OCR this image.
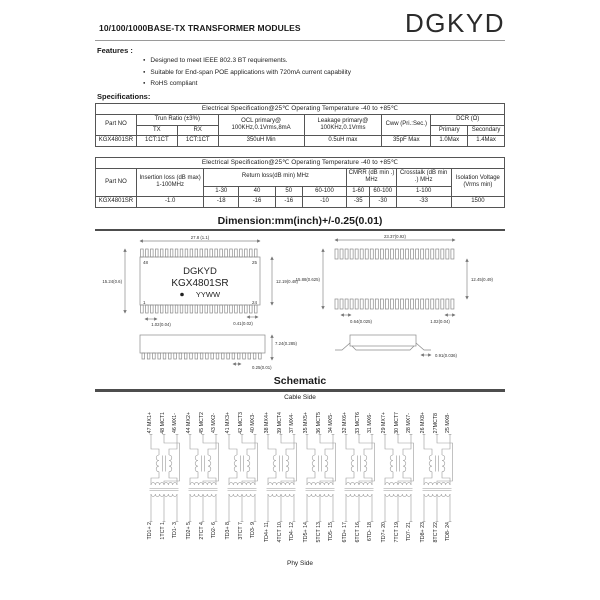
10/100/1000BASE-TX TRANSFORMER MODULES	DGKYD
Features :
● Designed to meet IEEE 802.3 BT requirements.
● Suitable for End-span POE applications with 720mA current capability
● RoHS compliant
Specifications:
Electrical Specification@25℃ Operating Temperature -40 to +85℃							
Part NO	Trun Ratio (±3%)		OCL primary@ 100KHz,0.1Vrms,8mA	Leakage primary@ 100KHz,0.1Vrms	Cww (Pri.:Sec.)	DCR (Ω)	
	TX	RX				Primary	Secondary
KGX4801SR	1CT:1CT	1CT:1CT	350uH Min	0.5uH max	35pF Max	1.0Max	1.4Max
Electrical Specification@25℃ Operating Temperature -40 to +85℃									
Part NO	Insertion loss (dB max) 1-100MHz	Return loss(dB min) MHz				CMRR (dB min .) MHz		Crosstalk (dB min .) MHz	Isolation Voltage (Vrms min)
		1-30	40	50	60-100	1-60	60-100	1-100	
KGX4801SR	-1.0	-18	-16	-16	-10	-35	-30	-33	1500
Dimension:mm(inch)+/-0.25(0.01)
27.8 (1.1)
15.24(0.6)	12.19(0.48)
1.02(0.04)	0.41(0.02)
48	25
1	24
DGKYD
KGX4801SR
YYWW
23.37(0.92)
15.88(0.625)	12.45(0.49)
0.64(0.025)	1.02(0.04)
7.24(0.285)
0.25(0.01)
0.91(0.036)
Schematic
Cable Side
47 MX1+ 48 MCT1 46 MX1-
TD1+ 2 1TCT 1 TD1- 3
44 MX2+ 45 MCT2 43 MX2-
TD2+ 5 2TCT 4 TD2- 6
41 MX3+ 42 MCT3 40 MX3-
TD3+ 8 3TCT 7 TD3- 9
38 MX4+ 39 MCT4 37 MX4-
TD4+ 11 4TCT 10 TD4- 12
35 MX5+ 36 MCT5 34 MX5-
TD5+ 14 5TCT 13 TD5- 15
32 MX6+ 33 MCT6 31 MX6-
6TD+ 17 6TCT 16 6TD- 18
29 MX7+ 30 MCT7 28 MX7-
TD7+ 20 7TCT 19 TD7- 21
26 MX8+ 27MCT8 25 MX8-
TD8+ 23 8TCT 22 TD8- 24
Phy Side
